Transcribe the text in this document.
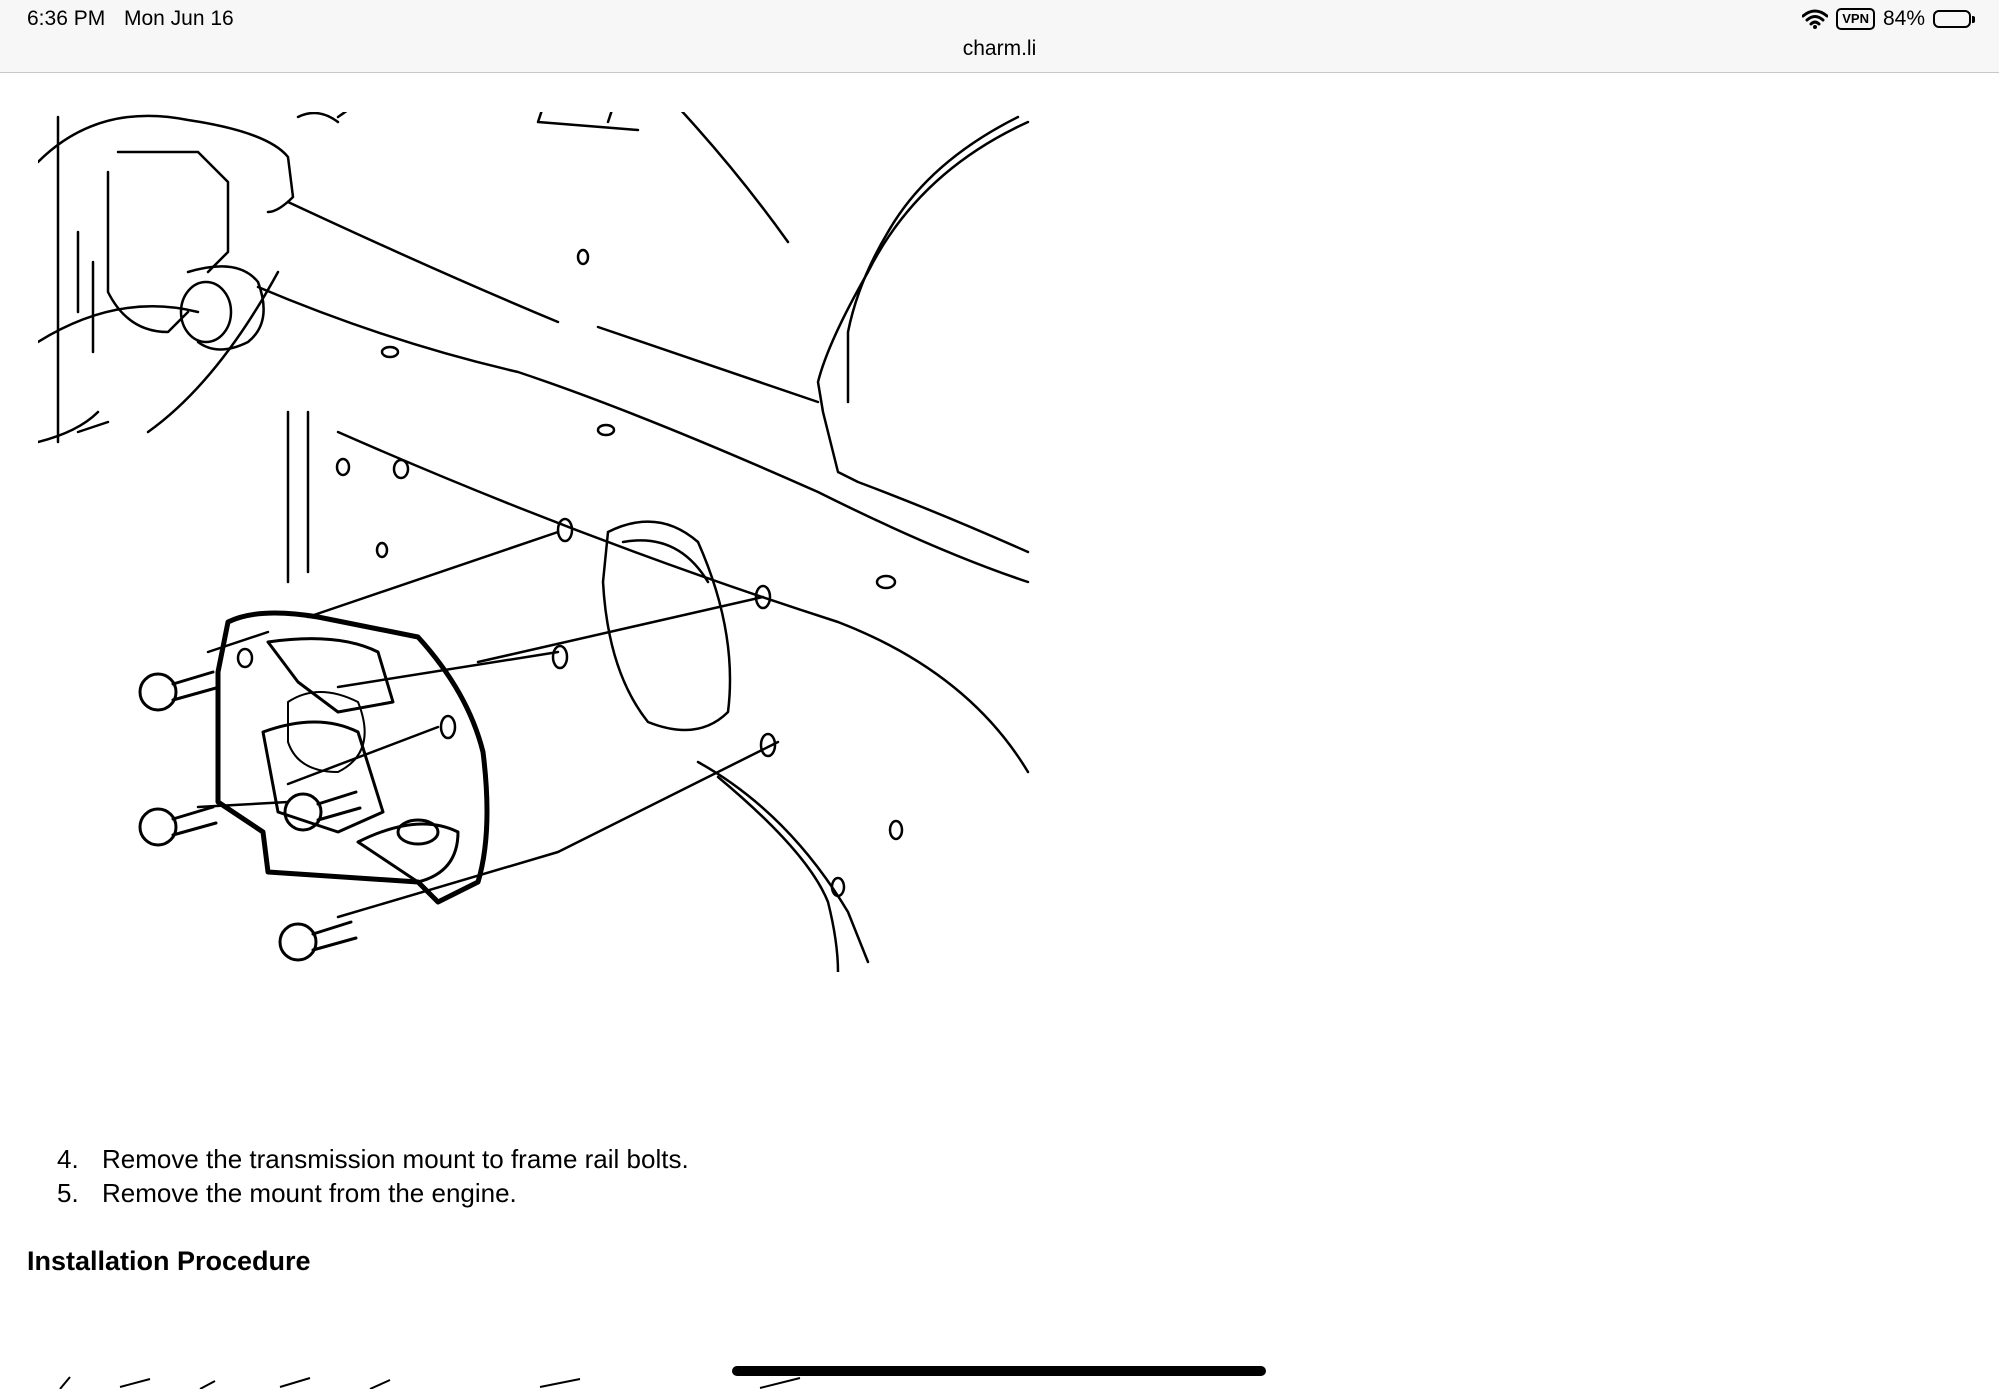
6:36 PM Mon Jun 16	VPN 84%
charm.li
4. Remove the transmission mount to frame rail bolts.
5. Remove the mount from the engine.
Installation Procedure
